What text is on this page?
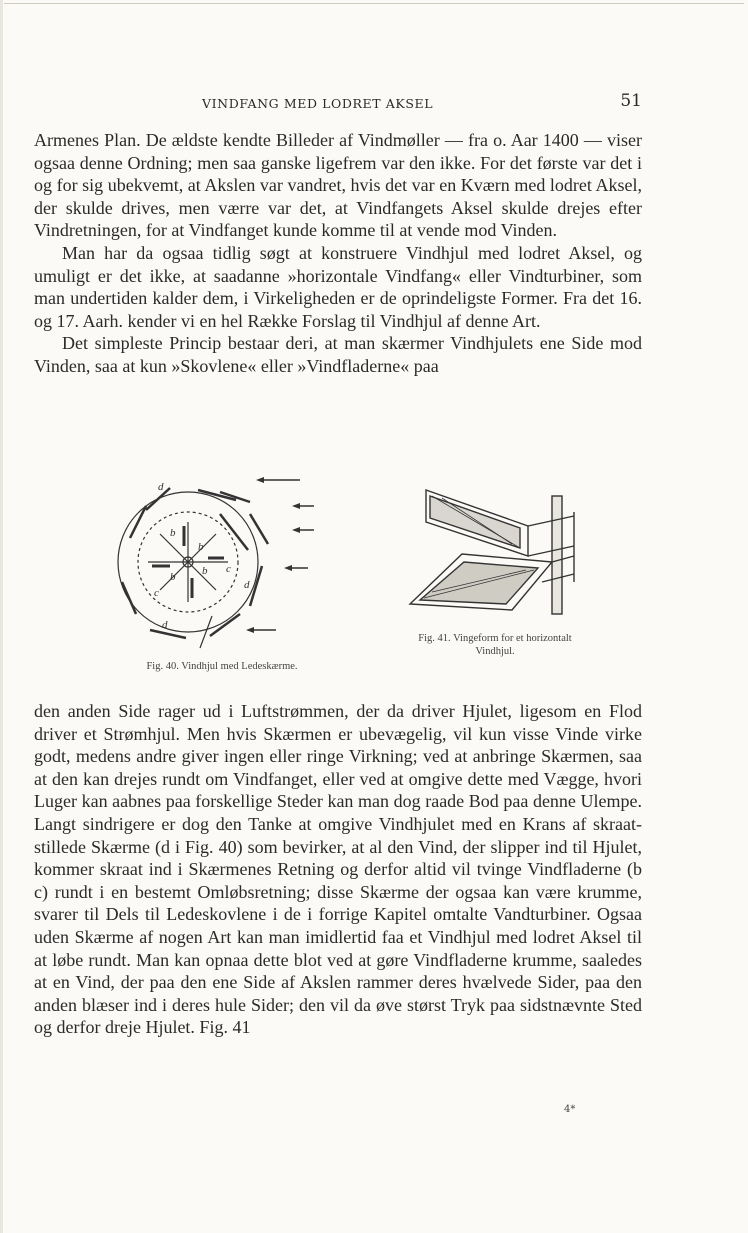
VINDFANG MED LODRET AKSEL	51

Armenes Plan. De ældste kendte Billeder af Vindmøller — fra o. Aar 1400 — viser ogsaa denne Ordning; men saa ganske ligefrem var den ikke. For det første var det i og for sig ubekvemt, at Akslen var vandret, hvis det var en Kværn med lodret Aksel, der skulde drives, men værre var det, at Vindfangets Aksel skulde drejes efter Vindretningen, for at Vindfanget kunde komme til at vende mod Vinden.

Man har da ogsaa tidlig søgt at konstruere Vindhjul med lodret Aksel, og umuligt er det ikke, at saadanne »horizontale Vindfang« eller Vindturbiner, som man undertiden kalder dem, i Virkeligheden er de oprindeligste Former. Fra det 16. og 17. Aarh. kender vi en hel Række Forslag til Vindhjul af denne Art.

Det simpleste Princip bestaar deri, at man skærmer Vindhjulets ene Side mod Vinden, saa at kun »Skovlene« eller »Vindfladerne« paa

d
b
b
b
b
c
c
d
d
Fig. 40. Vindhjul med Ledeskærme.
Fig. 41. Vingeform for et horizontalt Vindhjul.

den anden Side rager ud i Luftstrømmen, der da driver Hjulet, ligesom en Flod driver et Strømhjul. Men hvis Skærmen er ubevægelig, vil kun visse Vinde virke godt, medens andre giver ingen eller ringe Virkning; ved at anbringe Skærmen, saa at den kan drejes rundt om Vindfanget, eller ved at omgive dette med Vægge, hvori Luger kan aabnes paa forskellige Steder kan man dog raade Bod paa denne Ulempe. Langt sindrigere er dog den Tanke at omgive Vindhjulet med en Krans af skraatstillede Skærme (d i Fig. 40) som bevirker, at al den Vind, der slipper ind til Hjulet, kommer skraat ind i Skærmenes Retning og derfor altid vil tvinge Vindfladerne (b c) rundt i en bestemt Omløbsretning; disse Skærme der ogsaa kan være krumme, svarer til Dels til Ledeskovlene i de i forrige Kapitel omtalte Vandturbiner. Ogsaa uden Skærme af nogen Art kan man imidlertid faa et Vindhjul med lodret Aksel til at løbe rundt. Man kan opnaa dette blot ved at gøre Vindfladerne krumme, saaledes at en Vind, der paa den ene Side af Akslen rammer deres hvælvede Sider, paa den anden blæser ind i deres hule Sider; den vil da øve størst Tryk paa sidstnævnte Sted og derfor dreje Hjulet. Fig. 41

4*
